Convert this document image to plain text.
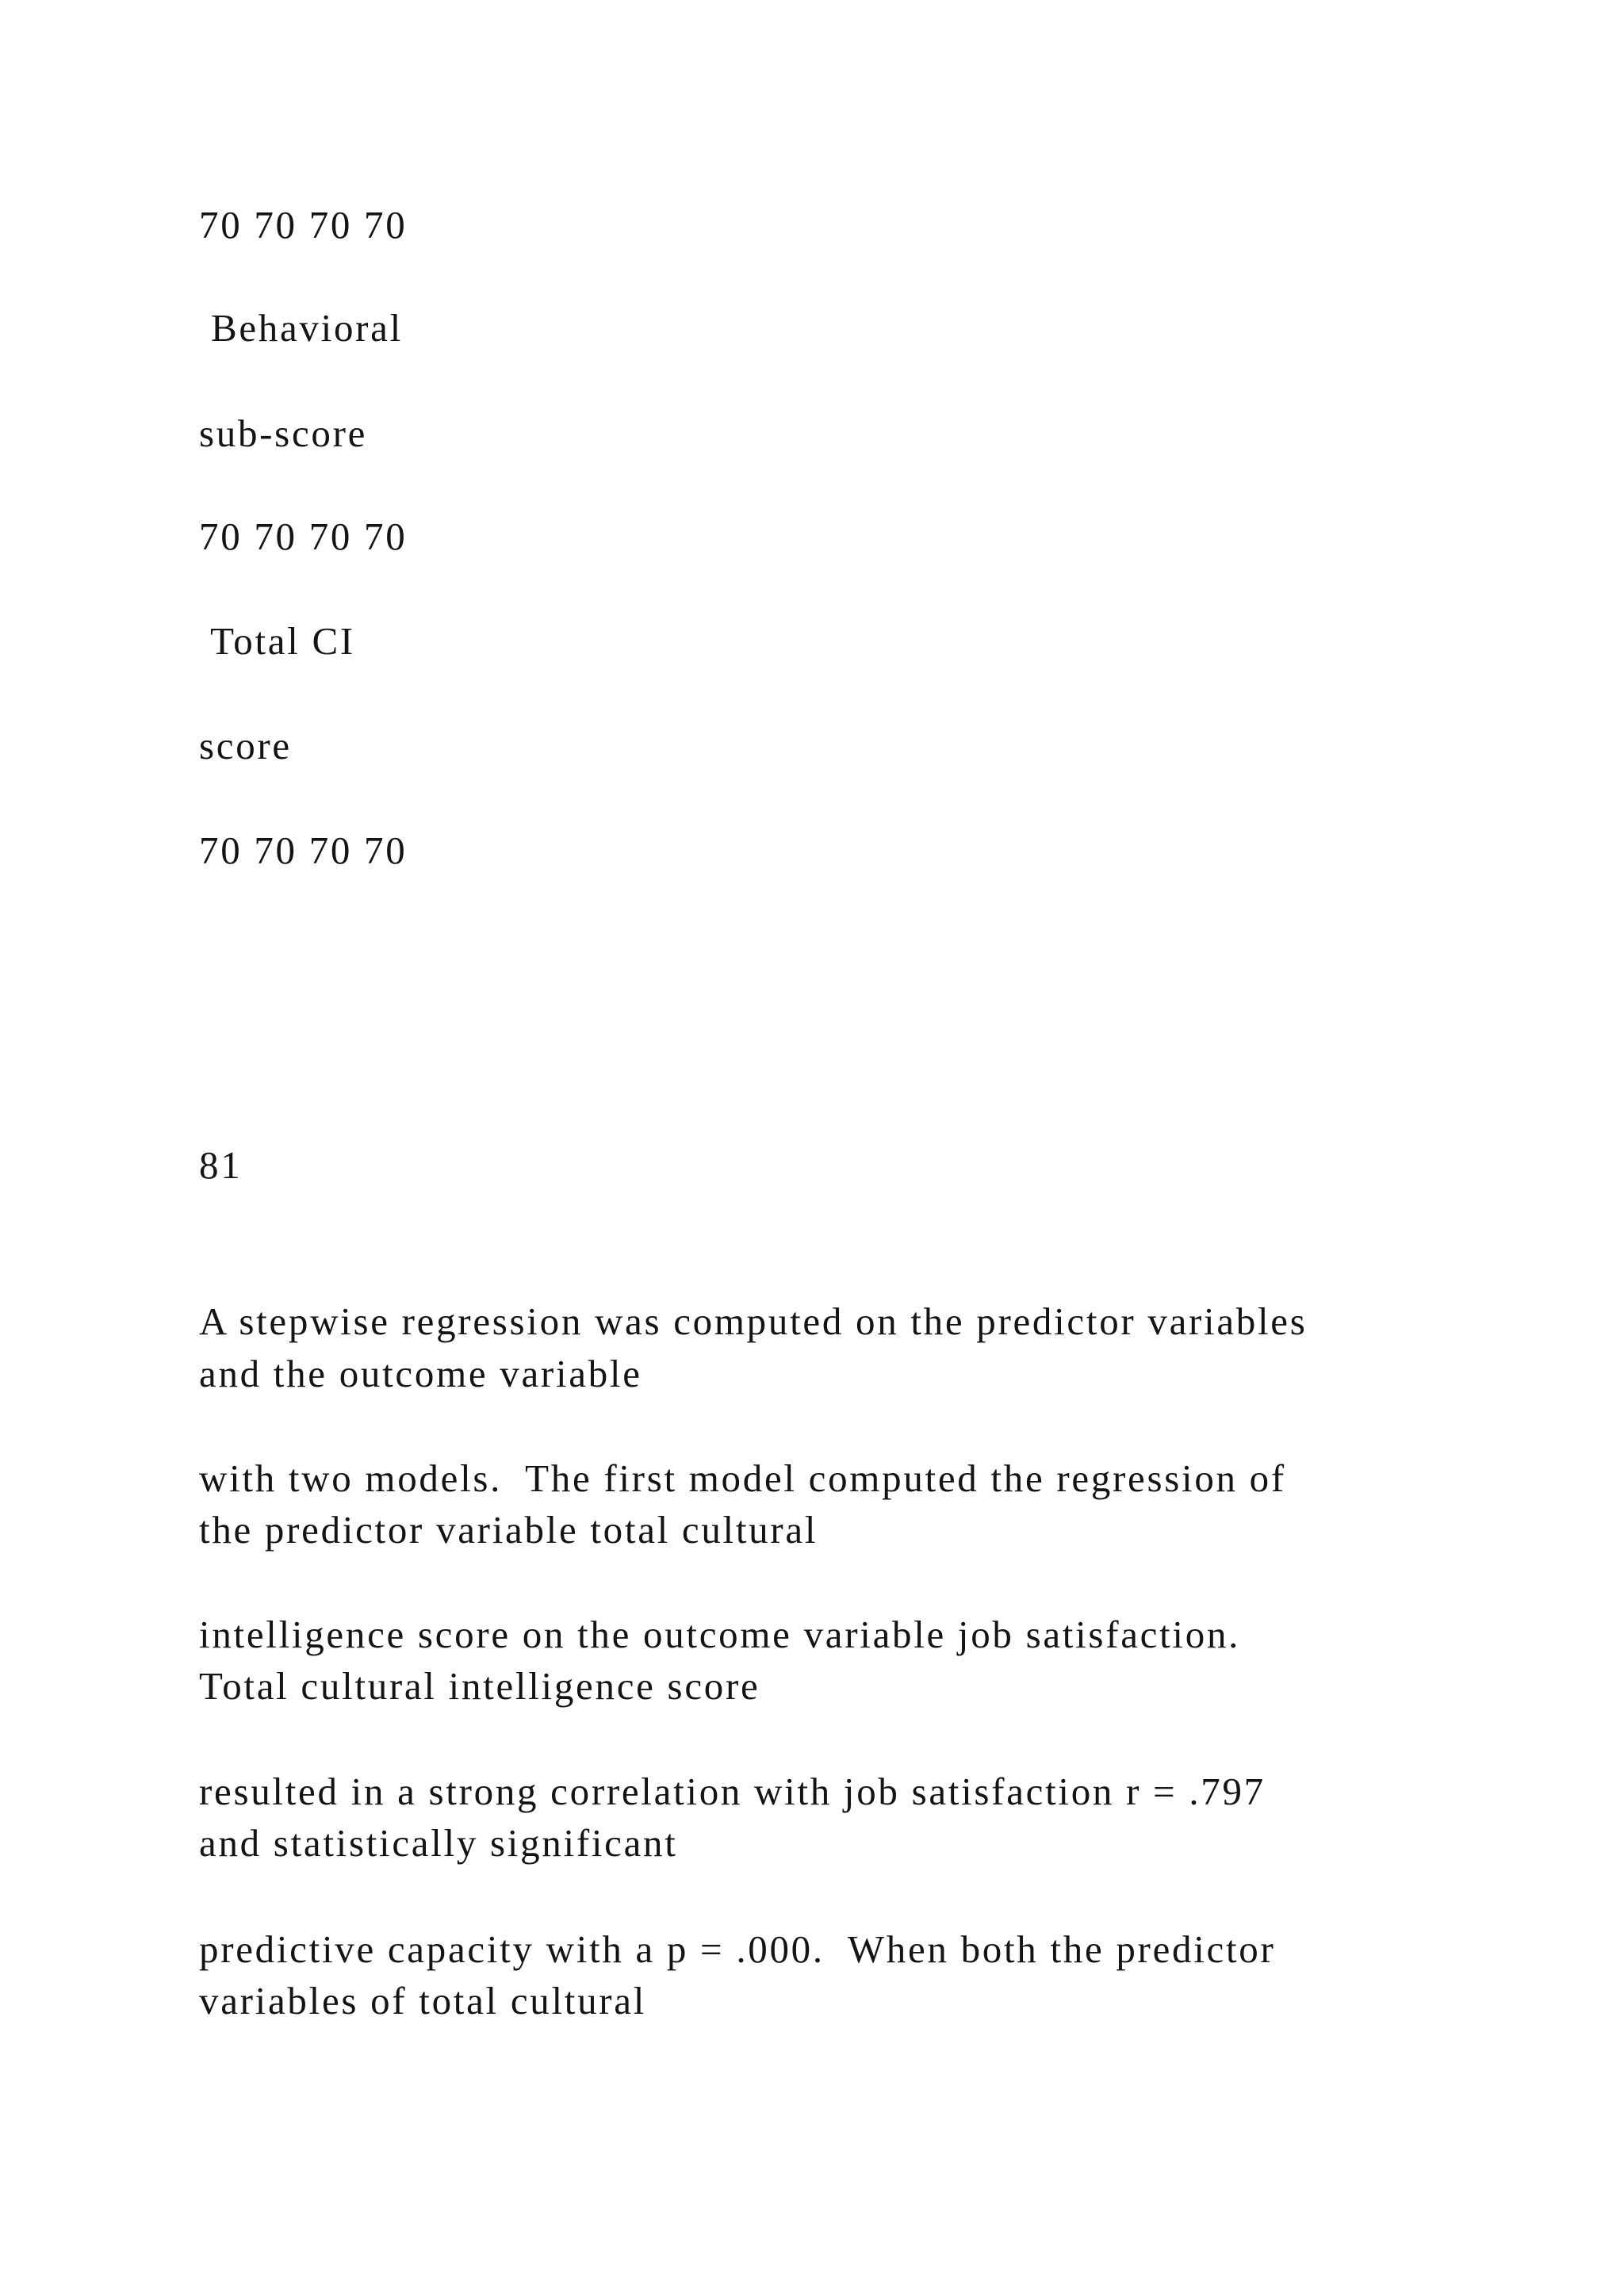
70 70 70 70
Behavioral
sub-score
70 70 70 70
Total CI
score
70 70 70 70
81
A stepwise regression was computed on the predictor variables
and the outcome variable
with two models.  The first model computed the regression of
the predictor variable total cultural
intelligence score on the outcome variable job satisfaction.
Total cultural intelligence score
resulted in a strong correlation with job satisfaction r = .797
and statistically significant
predictive capacity with a p = .000.  When both the predictor
variables of total cultural
